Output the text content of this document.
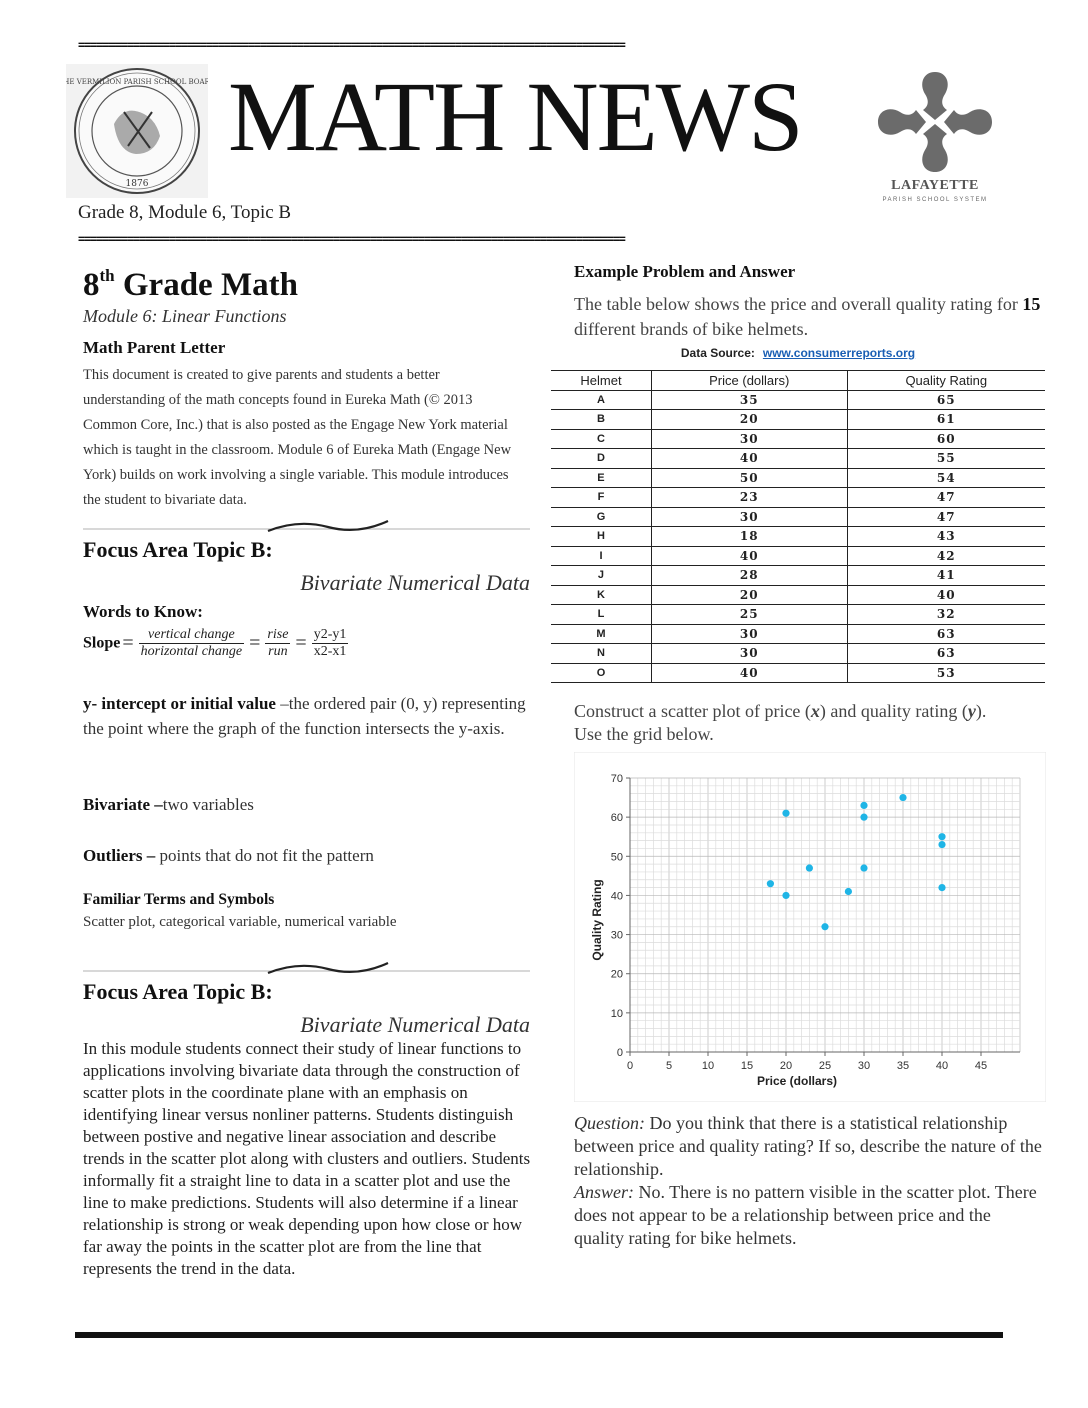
==========================================================================================
1876
THE VERMILION PARISH SCHOOL BOARD MATH NEWS
LAFAYETTE
PARISH SCHOOL SYSTEM
Grade 8, Module 6, Topic B
==========================================================================================
8th Grade Math
Module 6: Linear Functions
Math Parent Letter
This document is created to give parents and students a better understanding of the math concepts found in Eureka Math (© 2013 Common Core, Inc.) that is also posted as the Engage New York material which is taught in the classroom. Module 6 of Eureka Math (Engage New York) builds on work involving a single variable. This module introduces the student to bivariate data.
Focus Area Topic B:
Bivariate Numerical Data
Words to Know:
Slope = $\frac{\text{vertical change}}{\text{horizontal change}} = \frac{\text{rise}}{\text{run}} = \frac{y2-y1}{x2-x1}$
y- intercept or initial value –the ordered pair (0, y) representing the point where the graph of the function intersects the y-axis.
Bivariate –two variables
Outliers – points that do not fit the pattern
Familiar Terms and Symbols
Scatter plot, categorical variable, numerical variable
Focus Area Topic B:
Bivariate Numerical Data
In this module students connect their study of linear functions to applications involving bivariate data through the construction of scatter plots in the coordinate plane with an emphasis on identifying linear versus nonliner patterns. Students distinguish between postive and negative linear association and describe trends in the scatter plot along with clusters and outliers. Students informally fit a straight line to data in a scatter plot and use the line to make predictions. Students will also determine if a linear relationship is strong or weak depending upon how close or how far away the points in the scatter plot are from the line that represents the trend in the data.
Example Problem and Answer
The table below shows the price and overall quality rating for 15 different brands of bike helmets.
Data Source: www.consumerreports.org
Helmet	Price (dollars)	Quality Rating
A	35	65
B	20	61
C	30	60
D	40	55
E	50	54
F	23	47
G	30	47
H	18	43
I	40	42
J	28	41
K	20	40
L	25	32
M	30	63
N	30	63
O	40	53
Construct a scatter plot of price (x) and quality rating (y).
Use the grid below.
0	5	10 15 20 25 30 35 40 45
0
10
20
30
40
50
60
70
Price (dollars)
Quality Rating
Question: Do you think that there is a statistical relationship between price and quality rating? If so, describe the nature of the relationship.
Answer: No. There is no pattern visible in the scatter plot. There does not appear to be a relationship between price and the quality rating for bike helmets.
